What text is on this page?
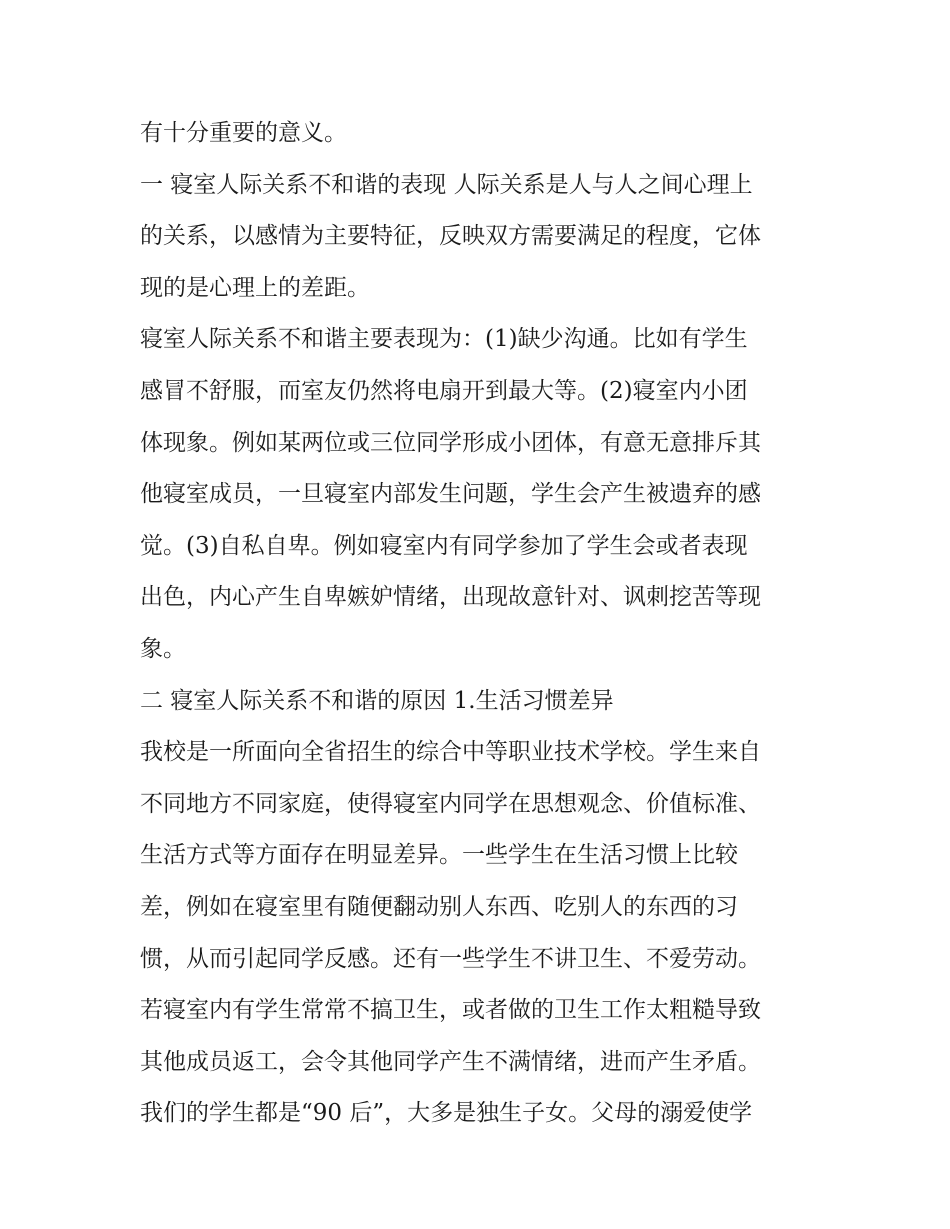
有十分重要的意义。
一 寝室人际关系不和谐的表现 人际关系是人与人之间心理上
的关系，以感情为主要特征，反映双方需要满足的程度，它体
现的是心理上的差距。
寝室人际关系不和谐主要表现为：(1)缺少沟通。比如有学生
感冒不舒服，而室友仍然将电扇开到最大等。(2)寝室内小团
体现象。例如某两位或三位同学形成小团体，有意无意排斥其
他寝室成员，一旦寝室内部发生问题，学生会产生被遗弃的感
觉。(3)自私自卑。例如寝室内有同学参加了学生会或者表现
出色，内心产生自卑嫉妒情绪，出现故意针对、讽刺挖苦等现
象。
二 寝室人际关系不和谐的原因 1.生活习惯差异
我校是一所面向全省招生的综合中等职业技术学校。学生来自
不同地方不同家庭，使得寝室内同学在思想观念、价值标准、
生活方式等方面存在明显差异。一些学生在生活习惯上比较
差，例如在寝室里有随便翻动别人东西、吃别人的东西的习
惯，从而引起同学反感。还有一些学生不讲卫生、不爱劳动。
若寝室内有学生常常不搞卫生，或者做的卫生工作太粗糙导致
其他成员返工，会令其他同学产生不满情绪，进而产生矛盾。
我们的学生都是“90 后”，大多是独生子女。父母的溺爱使学
